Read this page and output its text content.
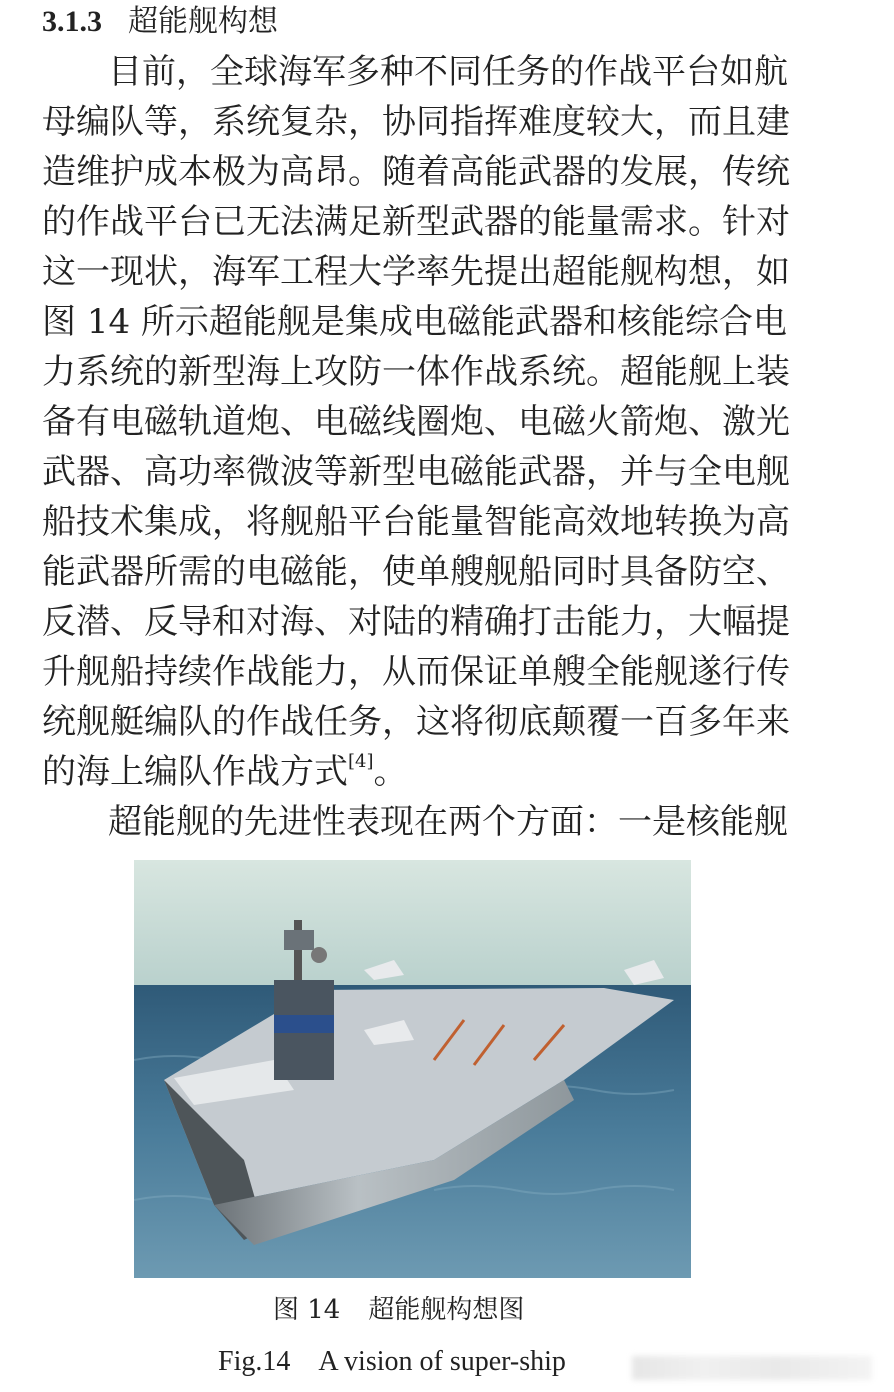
3.1.3 超能舰构想
目前，全球海军多种不同任务的作战平台如航
母编队等，系统复杂，协同指挥难度较大，而且建
造维护成本极为高昂。随着高能武器的发展，传统
的作战平台已无法满足新型武器的能量需求。针对
这一现状，海军工程大学率先提出超能舰构想，如
图 14 所示超能舰是集成电磁能武器和核能综合电
力系统的新型海上攻防一体作战系统。超能舰上装
备有电磁轨道炮、电磁线圈炮、电磁火箭炮、激光
武器、高功率微波等新型电磁能武器，并与全电舰
船技术集成，将舰船平台能量智能高效地转换为高
能武器所需的电磁能，使单艘舰船同时具备防空、
反潜、反导和对海、对陆的精确打击能力，大幅提
升舰船持续作战能力，从而保证单艘全能舰遂行传
统舰艇编队的作战任务，这将彻底颠覆一百多年来
的海上编队作战方式[4]。
超能舰的先进性表现在两个方面：一是核能舰
图 14 超能舰构想图
Fig.14 A vision of super-ship
